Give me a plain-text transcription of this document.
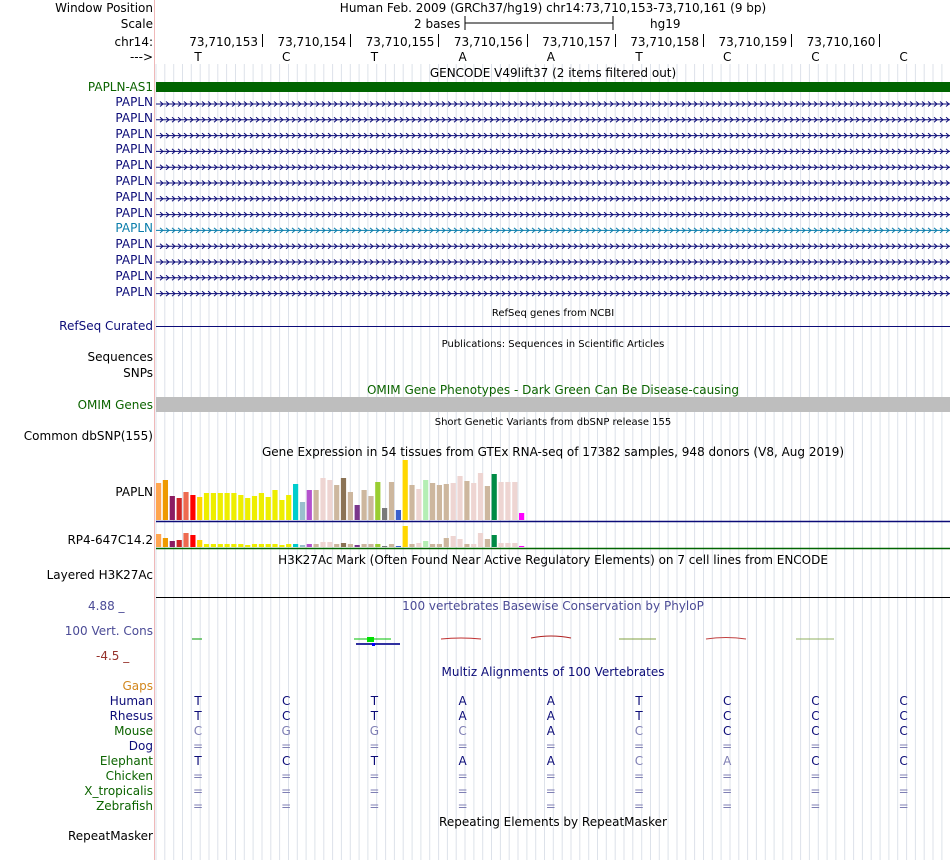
Window Position	Human Feb. 2009 (GRCh37/hg19) chr14:73,710,153-73,710,161 (9 bp)
Scale	2 bases	hg19
chr14:	73,710,153	73,710,154	73,710,155	73,710,156	73,710,157	73,710,158	73,710,159	73,710,160
--->	T	C	T	A	A	T	C	C	C
GENCODE V49lift37 (2 items filtered out)
PAPLN-AS1
PAPLN
PAPLN
PAPLN
PAPLN
PAPLN
PAPLN
PAPLN
PAPLN
PAPLN
PAPLN
PAPLN
PAPLN
PAPLN
RefSeq genes from NCBI
RefSeq Curated
Publications: Sequences in Scientific Articles
Sequences
SNPs
OMIM Gene Phenotypes - Dark Green Can Be Disease-causing
OMIM Genes
Short Genetic Variants from dbSNP release 155
Common dbSNP(155)
Gene Expression in 54 tissues from GTEx RNA-seq of 17382 samples, 948 donors (V8, Aug 2019)
PAPLN
RP4-647C14.2
H3K27Ac Mark (Often Found Near Active Regulatory Elements) on 7 cell lines from ENCODE
Layered H3K27Ac
4.88 _	100 vertebrates Basewise Conservation by PhyloP
100 Vert. Cons
-4.5 _
Multiz Alignments of 100 Vertebrates
Gaps
Human	T	C	T	A	A	T	C	C	C
Rhesus	T	C	T	A	A	T	C	C	C
Mouse	C	G	G	C	A	C	C	C	C
Dog	=	=	=	=	=	=	=	=	=
Elephant	T	C	T	A	A	C	A	C	C
Chicken	=	=	=	=	=	=	=	=	=
X_tropicalis	=	=	=	=	=	=	=	=	=
Zebrafish	=	=	=	=	=	=	=	=	=
Repeating Elements by RepeatMasker
RepeatMasker
